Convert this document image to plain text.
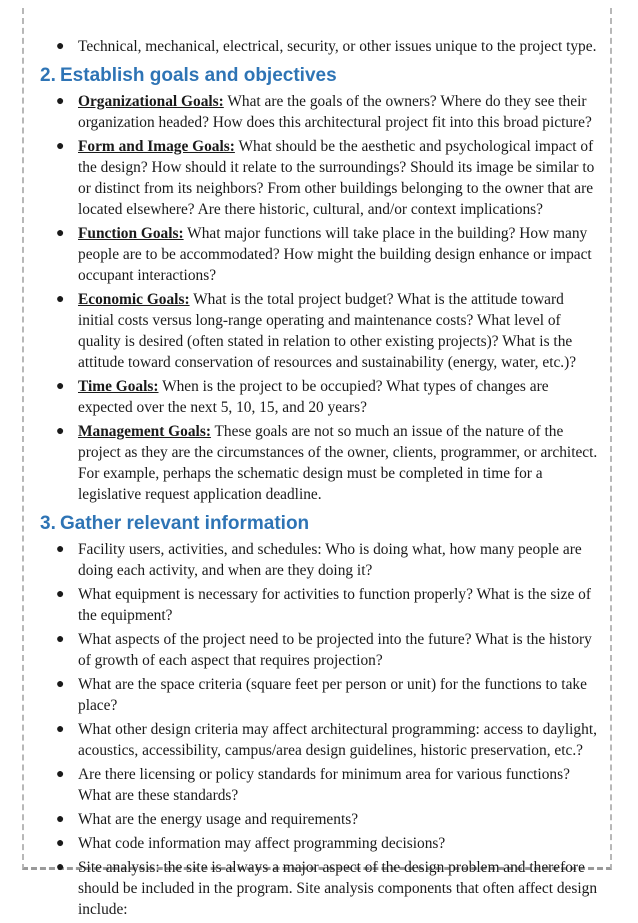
● Technical, mechanical, electrical, security, or other issues unique to the project type.
2. Establish goals and objectives
● Organizational Goals: What are the goals of the owners? Where do they see their organization headed? How does this architectural project fit into this broad picture?
● Form and Image Goals: What should be the aesthetic and psychological impact of the design? How should it relate to the surroundings? Should its image be similar to or distinct from its neighbors? From other buildings belonging to the owner that are located elsewhere? Are there historic, cultural, and/or context implications?
● Function Goals: What major functions will take place in the building? How many people are to be accommodated? How might the building design enhance or impact occupant interactions?
● Economic Goals: What is the total project budget? What is the attitude toward initial costs versus long-range operating and maintenance costs? What level of quality is desired (often stated in relation to other existing projects)? What is the attitude toward conservation of resources and sustainability (energy, water, etc.)?
● Time Goals: When is the project to be occupied? What types of changes are expected over the next 5, 10, 15, and 20 years?
● Management Goals: These goals are not so much an issue of the nature of the project as they are the circumstances of the owner, clients, programmer, or architect. For example, perhaps the schematic design must be completed in time for a legislative request application deadline.
3. Gather relevant information
● Facility users, activities, and schedules: Who is doing what, how many people are doing each activity, and when are they doing it?
● What equipment is necessary for activities to function properly? What is the size of the equipment?
● What aspects of the project need to be projected into the future? What is the history of growth of each aspect that requires projection?
● What are the space criteria (square feet per person or unit) for the functions to take place?
● What other design criteria may affect architectural programming: access to daylight, acoustics, accessibility, campus/area design guidelines, historic preservation, etc.?
● Are there licensing or policy standards for minimum area for various functions? What are these standards?
● What are the energy usage and requirements?
● What code information may affect programming decisions?
● Site analysis: the site is always a major aspect of the design problem and therefore should be included in the program. Site analysis components that often affect design include:
